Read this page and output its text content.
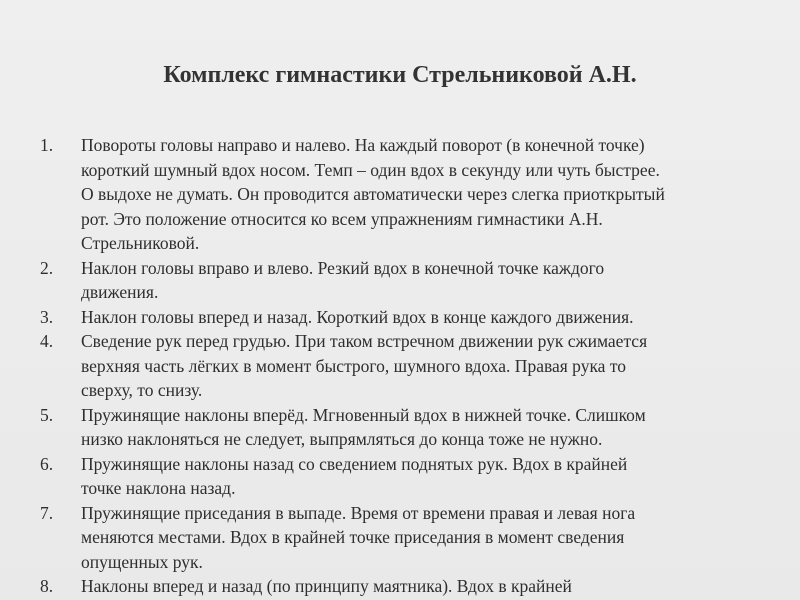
Комплекс гимнастики Стрельниковой А.Н.
1.	Повороты головы направо и налево. На каждый поворот (в конечной точке)
короткий шумный вдох носом. Темп – один вдох в секунду или чуть быстрее.
О выдохе не думать. Он проводится автоматически через слегка приоткрытый
рот. Это положение относится ко всем упражнениям гимнастики А.Н.
Стрельниковой.
2.	Наклон головы вправо и влево. Резкий вдох в конечной точке каждого
движения.
3.	Наклон головы вперед и назад. Короткий вдох в конце каждого движения.
4.	Сведение рук перед грудью. При таком встречном движении рук сжимается
верхняя часть лёгких в момент быстрого, шумного вдоха. Правая рука то
сверху, то снизу.
5.	Пружинящие наклоны вперёд. Мгновенный вдох в нижней точке. Слишком
низко наклоняться не следует, выпрямляться до конца тоже не нужно.
6.	Пружинящие наклоны назад со сведением поднятых рук. Вдох в крайней
точке наклона назад.
7.	Пружинящие приседания в выпаде. Время от времени правая и левая нога
меняются местами. Вдох в крайней точке приседания в момент сведения
опущенных рук.
8.	Наклоны вперед и назад (по принципу маятника). Вдох в крайней
